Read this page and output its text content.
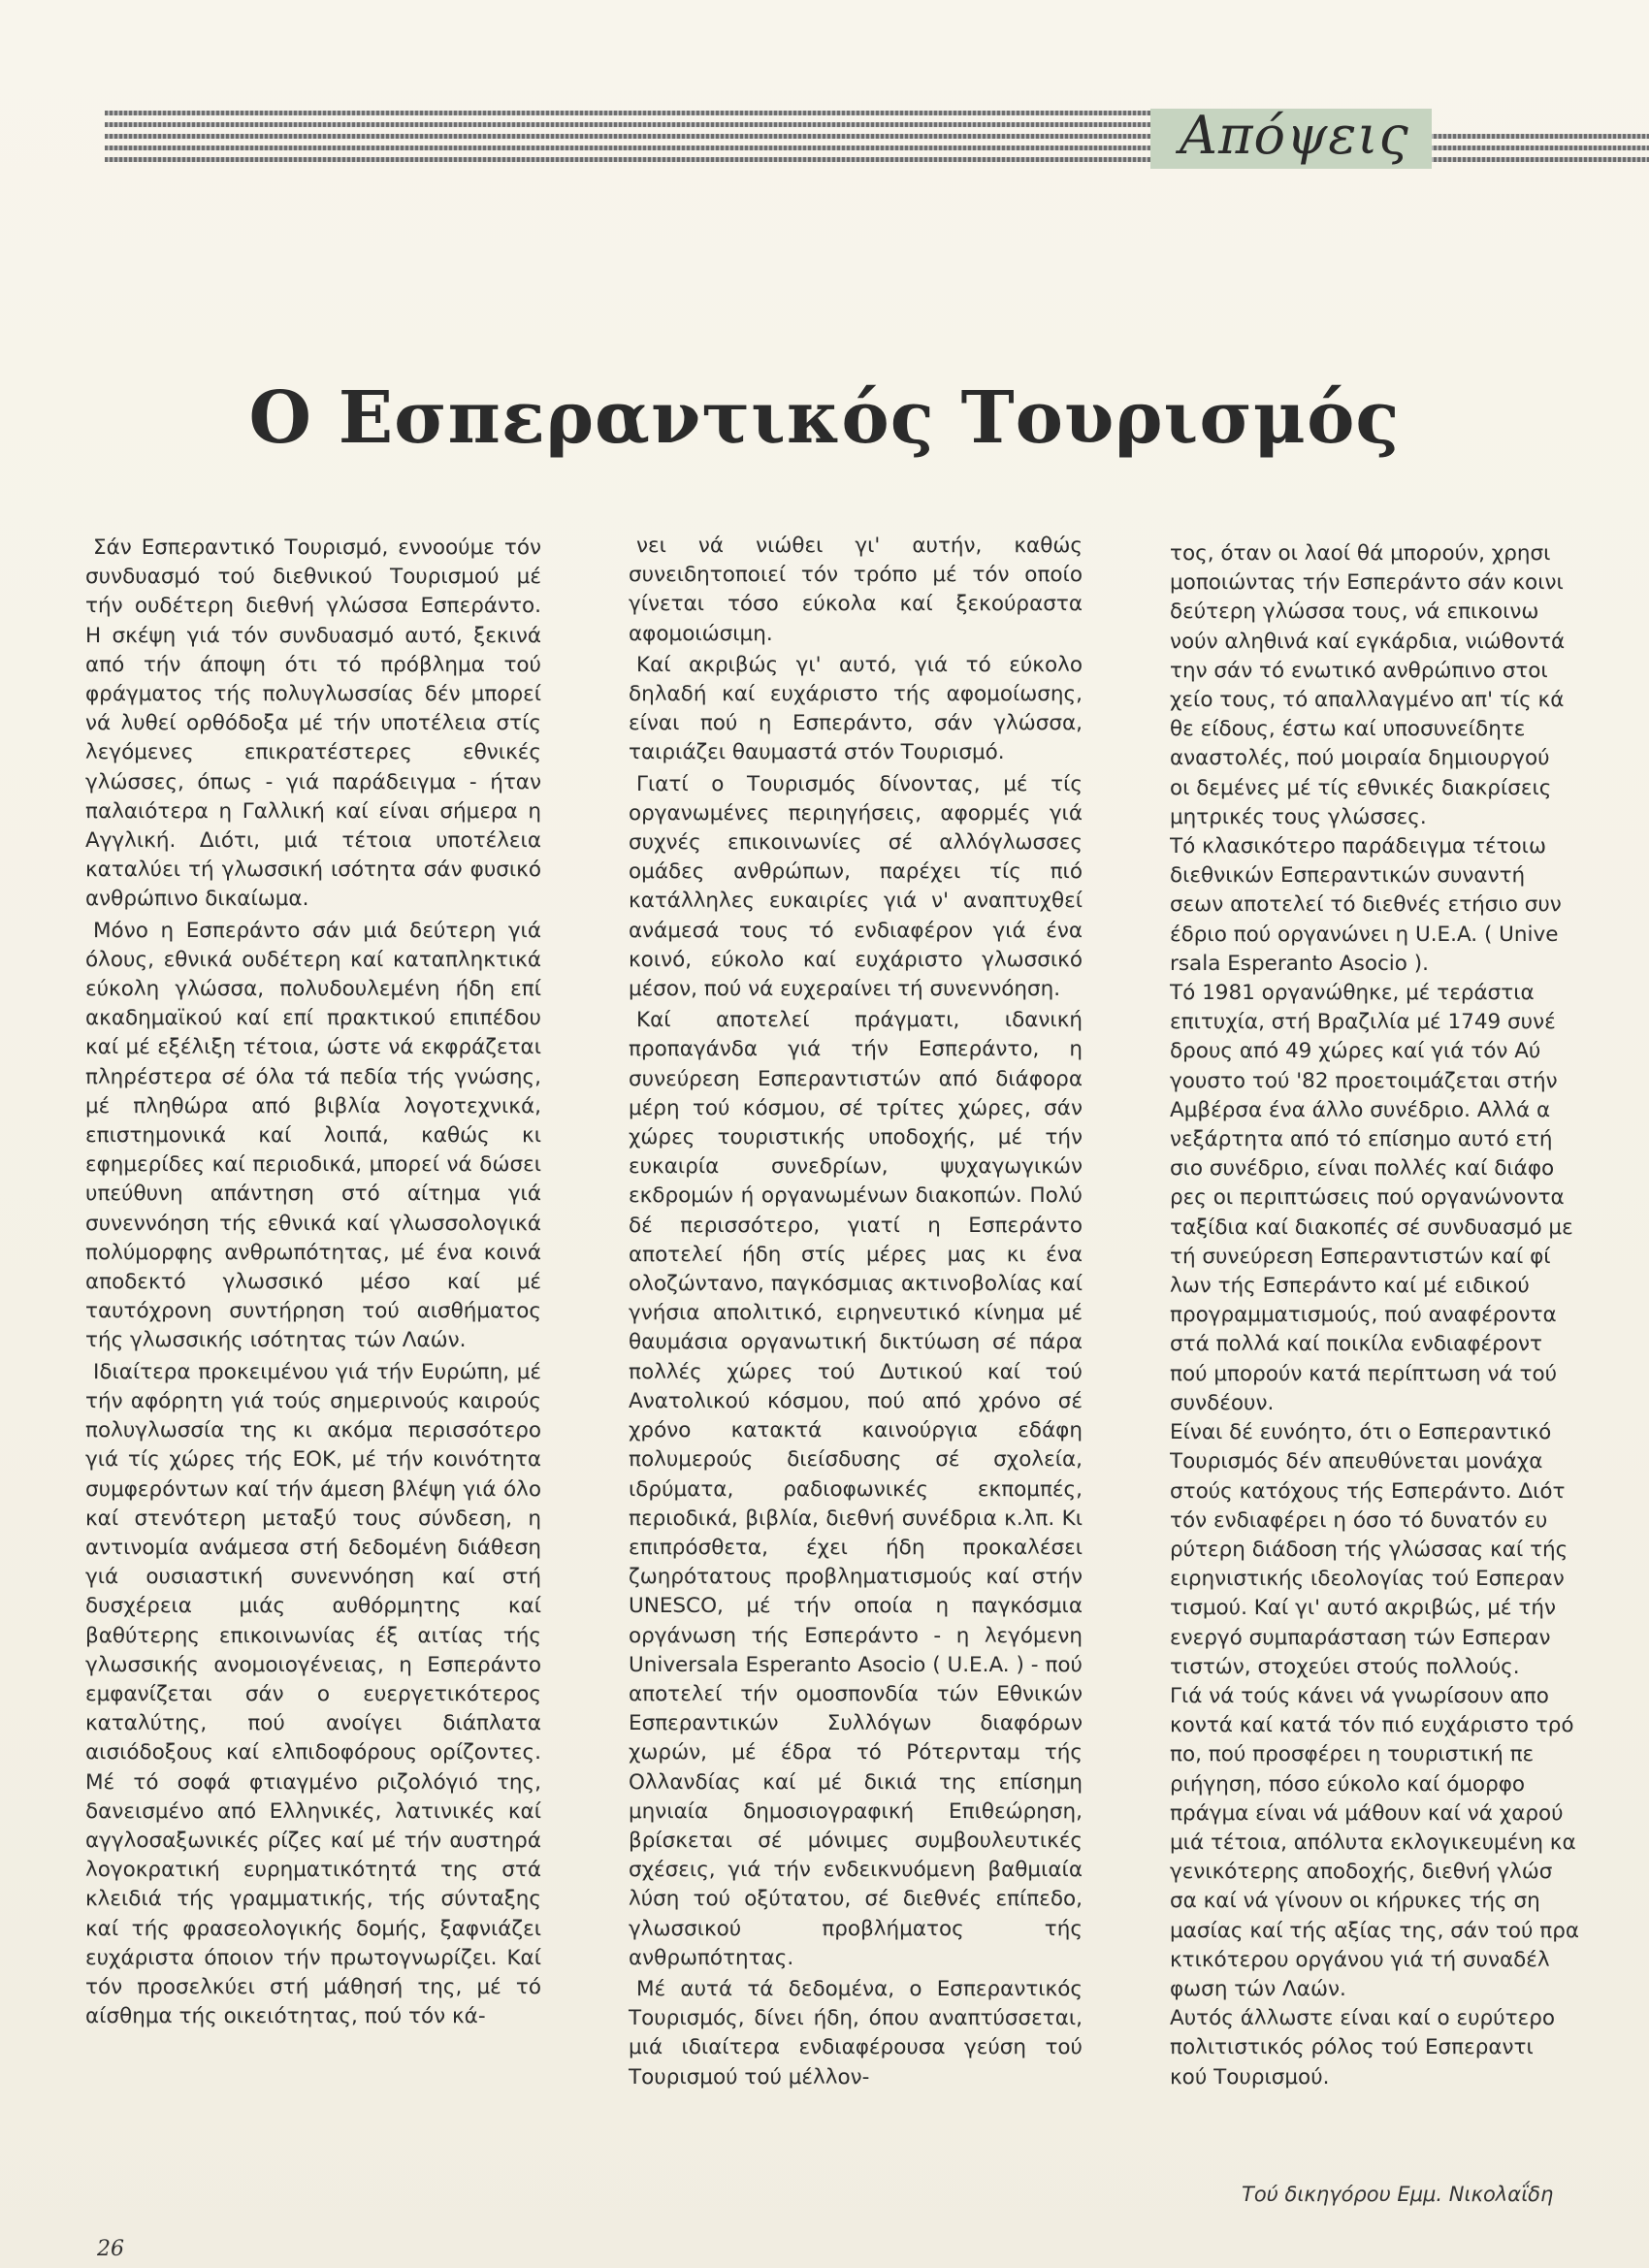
Απόψεις
Ο Εσπεραντικός Τουρισμός

Σάν Εσπεραντικό Τουρισμό, εννοούμε τόν συνδυασμό τού διεθνικού Τουρισμού μέ τήν ουδέτερη διεθνή γλώσσα Εσπεράντο. Η σκέψη γιά τόν συνδυασμό αυτό, ξεκινά από τήν άποψη ότι τό πρόβλημα τού φράγματος τής πολυγλωσσίας δέν μπορεί νά λυθεί ορθόδοξα μέ τήν υποτέλεια στίς λεγόμενες επικρατέστερες εθνικές γλώσσες, όπως - γιά παράδειγμα - ήταν παλαιότερα η Γαλλική καί είναι σήμερα η Αγγλική. Διότι, μιά τέτοια υποτέλεια καταλύει τή γλωσσική ισότητα σάν φυσικό ανθρώπινο δικαίωμα.

Μόνο η Εσπεράντο σάν μιά δεύτερη γιά όλους, εθνικά ουδέτερη καί καταπληκτικά εύκολη γλώσσα, πολυδουλεμένη ήδη επί ακαδημαϊκού καί επί πρακτικού επιπέδου καί μέ εξέλιξη τέτοια, ώστε νά εκφράζεται πληρέστερα σέ όλα τά πεδία τής γνώσης, μέ πληθώρα από βιβλία λογοτεχνικά, επιστημονικά καί λοιπά, καθώς κι εφημερίδες καί περιοδικά, μπορεί νά δώσει υπεύθυνη απάντηση στό αίτημα γιά συνεννόηση τής εθνικά καί γλωσσολογικά πολύμορφης ανθρωπότητας, μέ ένα κοινά αποδεκτό γλωσσικό μέσο καί μέ ταυτόχρονη συντήρηση τού αισθήματος τής γλωσσικής ισότητας τών Λαών.

Ιδιαίτερα προκειμένου γιά τήν Ευρώπη, μέ τήν αφόρητη γιά τούς σημερινούς καιρούς πολυγλωσσία της κι ακόμα περισσότερο γιά τίς χώρες τής ΕΟΚ, μέ τήν κοινότητα συμφερόντων καί τήν άμεση βλέψη γιά όλο καί στενότερη μεταξύ τους σύνδεση, η αντινομία ανάμεσα στή δεδομένη διάθεση γιά ουσιαστική συνεννόηση καί στή δυσχέρεια μιάς αυθόρμητης καί βαθύτερης επικοινωνίας έξ αιτίας τής γλωσσικής ανομοιογένειας, η Εσπεράντο εμφανίζεται σάν ο ευεργετικότερος καταλύτης, πού ανοίγει διάπλατα αισιόδοξους καί ελπιδοφόρους ορίζοντες. Μέ τό σοφά φτιαγμένο ριζολόγιό της, δανεισμένο από Ελληνικές, λατινικές καί αγγλοσαξωνικές ρίζες καί μέ τήν αυστηρά λογοκρατική ευρηματικότητά της στά κλειδιά τής γραμματικής, τής σύνταξης καί τής φρασεολογικής δομής, ξαφνιάζει ευχάριστα όποιον τήν πρωτογνωρίζει. Καί τόν προσελκύει στή μάθησή της, μέ τό αίσθημα τής οικειότητας, πού τόν κά-

νει νά νιώθει γι' αυτήν, καθώς συνειδητοποιεί τόν τρόπο μέ τόν οποίο γίνεται τόσο εύκολα καί ξεκούραστα αφομοιώσιμη.

Καί ακριβώς γι' αυτό, γιά τό εύκολο δηλαδή καί ευχάριστο τής αφομοίωσης, είναι πού η Εσπεράντο, σάν γλώσσα, ταιριάζει θαυμαστά στόν Τουρισμό.

Γιατί ο Τουρισμός δίνοντας, μέ τίς οργανωμένες περιηγήσεις, αφορμές γιά συχνές επικοινωνίες σέ αλλόγλωσσες ομάδες ανθρώπων, παρέχει τίς πιό κατάλληλες ευκαιρίες γιά ν' αναπτυχθεί ανάμεσά τους τό ενδιαφέρον γιά ένα κοινό, εύκολο καί ευχάριστο γλωσσικό μέσον, πού νά ευχεραίνει τή συνεννόηση.

Καί αποτελεί πράγματι, ιδανική προπαγάνδα γιά τήν Εσπεράντο, η συνεύρεση Εσπεραντιστών από διάφορα μέρη τού κόσμου, σέ τρίτες χώρες, σάν χώρες τουριστικής υποδοχής, μέ τήν ευκαιρία συνεδρίων, ψυχαγωγικών εκδρομών ή οργανωμένων διακοπών. Πολύ δέ περισσότερο, γιατί η Εσπεράντο αποτελεί ήδη στίς μέρες μας κι ένα ολοζώντανο, παγκόσμιας ακτινοβολίας καί γνήσια απολιτικό, ειρηνευτικό κίνημα μέ θαυμάσια οργανωτική δικτύωση σέ πάρα πολλές χώρες τού Δυτικού καί τού Ανατολικού κόσμου, πού από χρόνο σέ χρόνο κατακτά καινούργια εδάφη πολυμερούς διείσδυσης σέ σχολεία, ιδρύματα, ραδιοφωνικές εκπομπές, περιοδικά, βιβλία, διεθνή συνέδρια κ.λπ. Κι επιπρόσθετα, έχει ήδη προκαλέσει ζωηρότατους προβληματισμούς καί στήν UNESCO, μέ τήν οποία η παγκόσμια οργάνωση τής Εσπεράντο - η λεγόμενη Universala Esperanto Asocio ( U.E.A. ) - πού αποτελεί τήν ομοσπονδία τών Εθνικών Εσπεραντικών Συλλόγων διαφόρων χωρών, μέ έδρα τό Ρότερνταμ τής Ολλανδίας καί μέ δικιά της επίσημη μηνιαία δημοσιογραφική Επιθεώρηση, βρίσκεται σέ μόνιμες συμβουλευτικές σχέσεις, γιά τήν ενδεικνυόμενη βαθμιαία λύση τού οξύτατου, σέ διεθνές επίπεδο, γλωσσικού προβλήματος τής ανθρωπότητας.

Μέ αυτά τά δεδομένα, ο Εσπεραντικός Τουρισμός, δίνει ήδη, όπου αναπτύσσεται, μιά ιδιαίτερα ενδιαφέρουσα γεύση τού Τουρισμού τού μέλλον-

τος, όταν οι λαοί θά μπορούν, χρησι
μοποιώντας τήν Εσπεράντο σάν κοινι
δεύτερη γλώσσα τους, νά επικοινω
νούν αληθινά καί εγκάρδια, νιώθοντά
την σάν τό ενωτικό ανθρώπινο στοι
χείο τους, τό απαλλαγμένο απ' τίς κά
θε είδους, έστω καί υποσυνείδητε
αναστολές, πού μοιραία δημιουργού
οι δεμένες μέ τίς εθνικές διακρίσεις
μητρικές τους γλώσσες.
Τό κλασικότερο παράδειγμα τέτοιω
διεθνικών Εσπεραντικών συναντή
σεων αποτελεί τό διεθνές ετήσιο συν
έδριο πού οργανώνει η U.E.A. ( Unive
rsala Esperanto Asocio ).
Τό 1981 οργανώθηκε, μέ τεράστια
επιτυχία, στή Βραζιλία μέ 1749 συνέ
δρους από 49 χώρες καί γιά τόν Αύ
γουστο τού '82 προετοιμάζεται στήν
Αμβέρσα ένα άλλο συνέδριο. Αλλά α
νεξάρτητα από τό επίσημο αυτό ετή
σιο συνέδριο, είναι πολλές καί διάφο
ρες οι περιπτώσεις πού οργανώνοντα
ταξίδια καί διακοπές σέ συνδυασμό με
τή συνεύρεση Εσπεραντιστών καί φί
λων τής Εσπεράντο καί μέ ειδικού
προγραμματισμούς, πού αναφέροντα
στά πολλά καί ποικίλα ενδιαφέροντ
πού μπορούν κατά περίπτωση νά τού
συνδέουν.
Είναι δέ ευνόητο, ότι ο Εσπεραντικό
Τουρισμός δέν απευθύνεται μονάχα
στούς κατόχους τής Εσπεράντο. Διότ
τόν ενδιαφέρει η όσο τό δυνατόν ευ
ρύτερη διάδοση τής γλώσσας καί τής
ειρηνιστικής ιδεολογίας τού Εσπεραν
τισμού. Καί γι' αυτό ακριβώς, μέ τήν
ενεργό συμπαράσταση τών Εσπεραν
τιστών, στοχεύει στούς πολλούς.
Γιά νά τούς κάνει νά γνωρίσουν απο
κοντά καί κατά τόν πιό ευχάριστο τρό
πο, πού προσφέρει η τουριστική πε
ριήγηση, πόσο εύκολο καί όμορφο
πράγμα είναι νά μάθουν καί νά χαρού
μιά τέτοια, απόλυτα εκλογικευμένη κα
γενικότερης αποδοχής, διεθνή γλώσ
σα καί νά γίνουν οι κήρυκες τής ση
μασίας καί τής αξίας της, σάν τού πρα
κτικότερου οργάνου γιά τή συναδέλ
φωση τών Λαών.
Αυτός άλλωστε είναι καί ο ευρύτερο
πολιτιστικός ρόλος τού Εσπεραντι
κού Τουρισμού.
Τού δικηγόρου Εμμ. Νικολαΐδη
26
